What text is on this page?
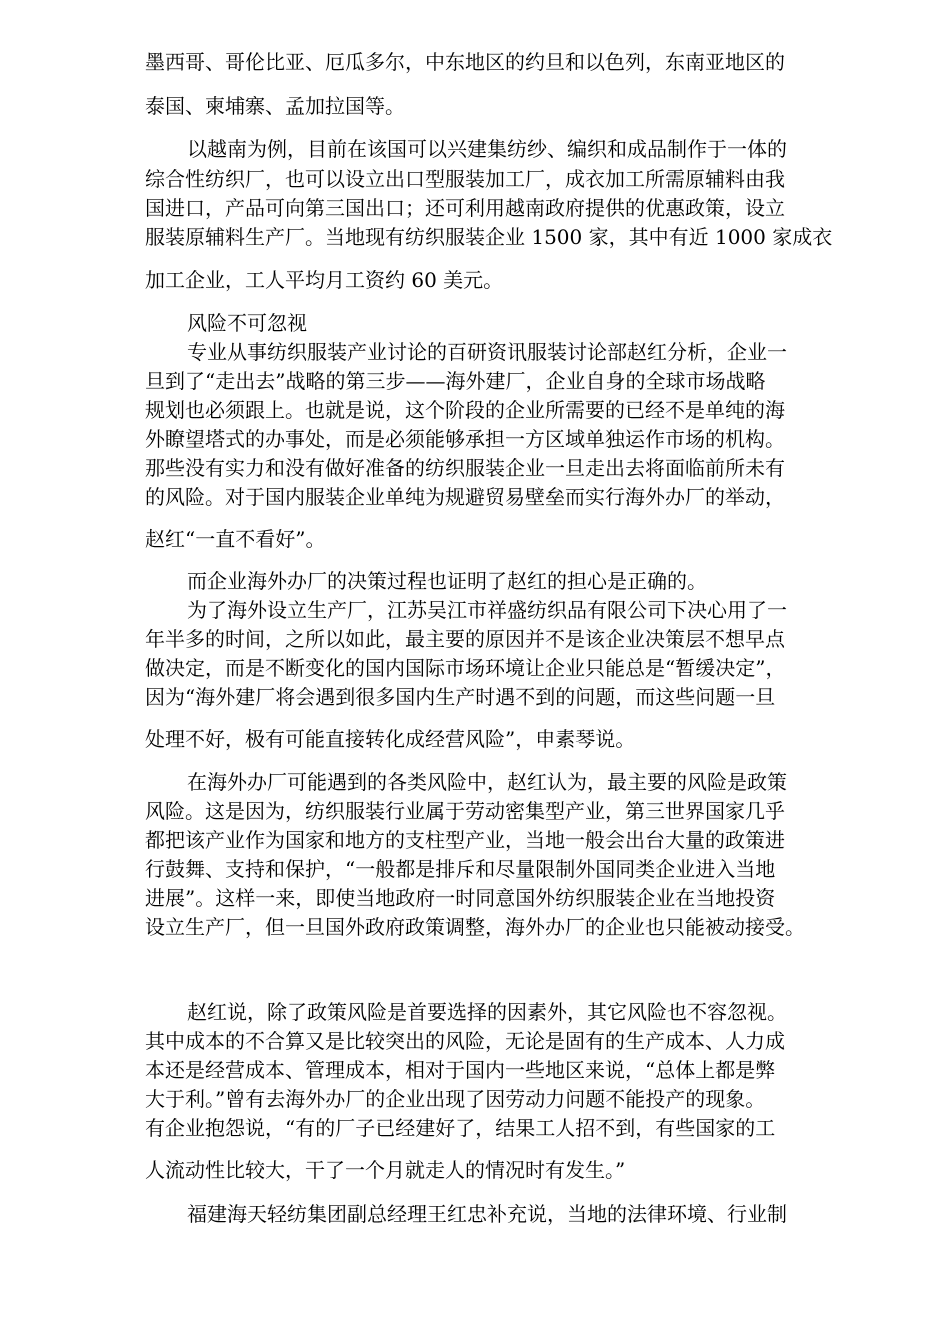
墨西哥、哥伦比亚、厄瓜多尔，中东地区的约旦和以色列，东南亚地区的

泰国、柬埔寨、孟加拉国等。

以越南为例，目前在该国可以兴建集纺纱、编织和成品制作于一体的

综合性纺织厂，也可以设立出口型服装加工厂，成衣加工所需原辅料由我

国进口，产品可向第三国出口；还可利用越南政府提供的优惠政策，设立

服装原辅料生产厂。当地现有纺织服装企业 1500 家，其中有近 1000 家成衣

加工企业，工人平均月工资约 60 美元。

风险不可忽视

专业从事纺织服装产业讨论的百研资讯服装讨论部赵红分析，企业一

旦到了“走出去”战略的第三步——海外建厂，企业自身的全球市场战略

规划也必须跟上。也就是说，这个阶段的企业所需要的已经不是单纯的海

外瞭望塔式的办事处，而是必须能够承担一方区域单独运作市场的机构。

那些没有实力和没有做好准备的纺织服装企业一旦走出去将面临前所未有

的风险。对于国内服装企业单纯为规避贸易壁垒而实行海外办厂的举动，

赵红“一直不看好”。

而企业海外办厂的决策过程也证明了赵红的担心是正确的。

为了海外设立生产厂，江苏吴江市祥盛纺织品有限公司下决心用了一

年半多的时间，之所以如此，最主要的原因并不是该企业决策层不想早点

做决定，而是不断变化的国内国际市场环境让企业只能总是“暂缓决定”，

因为“海外建厂将会遇到很多国内生产时遇不到的问题，而这些问题一旦

处理不好，极有可能直接转化成经营风险”，申素琴说。

在海外办厂可能遇到的各类风险中，赵红认为，最主要的风险是政策

风险。这是因为，纺织服装行业属于劳动密集型产业，第三世界国家几乎

都把该产业作为国家和地方的支柱型产业，当地一般会出台大量的政策进

行鼓舞、支持和保护，“一般都是排斥和尽量限制外国同类企业进入当地

进展”。这样一来，即使当地政府一时同意国外纺织服装企业在当地投资

设立生产厂，但一旦国外政府政策调整，海外办厂的企业也只能被动接受。

赵红说，除了政策风险是首要选择的因素外，其它风险也不容忽视。

其中成本的不合算又是比较突出的风险，无论是固有的生产成本、人力成

本还是经营成本、管理成本，相对于国内一些地区来说，“总体上都是弊

大于利。”曾有去海外办厂的企业出现了因劳动力问题不能投产的现象。

有企业抱怨说，“有的厂子已经建好了，结果工人招不到，有些国家的工

人流动性比较大，干了一个月就走人的情况时有发生。”

福建海天轻纺集团副总经理王红忠补充说，当地的法律环境、行业制
